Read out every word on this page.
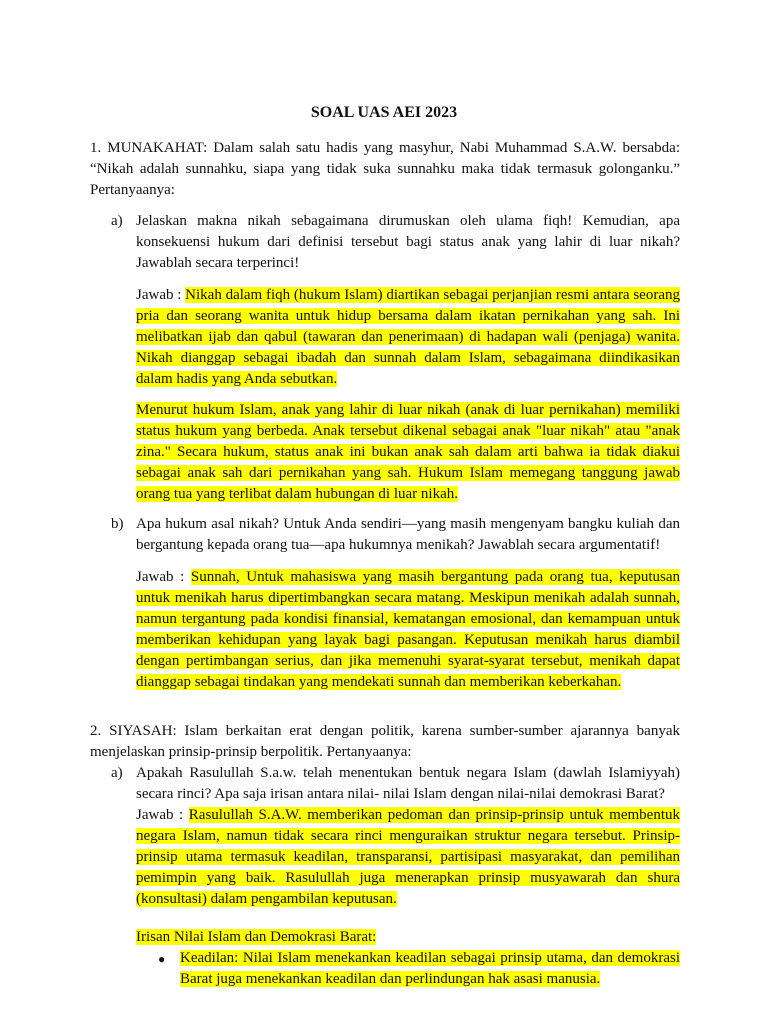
SOAL UAS AEI 2023
1. MUNAKAHAT: Dalam salah satu hadis yang masyhur, Nabi Muhammad S.A.W. bersabda: “Nikah adalah sunnahku, siapa yang tidak suka sunnahku maka tidak termasuk golonganku.” Pertanyaanya:
a) Jelaskan makna nikah sebagaimana dirumuskan oleh ulama fiqh! Kemudian, apa konsekuensi hukum dari definisi tersebut bagi status anak yang lahir di luar nikah? Jawablah secara terperinci!
Jawab : Nikah dalam fiqh (hukum Islam) diartikan sebagai perjanjian resmi antara seorang pria dan seorang wanita untuk hidup bersama dalam ikatan pernikahan yang sah. Ini melibatkan ijab dan qabul (tawaran dan penerimaan) di hadapan wali (penjaga) wanita. Nikah dianggap sebagai ibadah dan sunnah dalam Islam, sebagaimana diindikasikan dalam hadis yang Anda sebutkan.
Menurut hukum Islam, anak yang lahir di luar nikah (anak di luar pernikahan) memiliki status hukum yang berbeda. Anak tersebut dikenal sebagai anak "luar nikah" atau "anak zina." Secara hukum, status anak ini bukan anak sah dalam arti bahwa ia tidak diakui sebagai anak sah dari pernikahan yang sah. Hukum Islam memegang tanggung jawab orang tua yang terlibat dalam hubungan di luar nikah.
b) Apa hukum asal nikah? Untuk Anda sendiri—yang masih mengenyam bangku kuliah dan bergantung kepada orang tua—apa hukumnya menikah? Jawablah secara argumentatif!
Jawab : Sunnah, Untuk mahasiswa yang masih bergantung pada orang tua, keputusan untuk menikah harus dipertimbangkan secara matang. Meskipun menikah adalah sunnah, namun tergantung pada kondisi finansial, kematangan emosional, dan kemampuan untuk memberikan kehidupan yang layak bagi pasangan. Keputusan menikah harus diambil dengan pertimbangan serius, dan jika memenuhi syarat-syarat tersebut, menikah dapat dianggap sebagai tindakan yang mendekati sunnah dan memberikan keberkahan.
2. SIYASAH: Islam berkaitan erat dengan politik, karena sumber-sumber ajarannya banyak menjelaskan prinsip-prinsip berpolitik. Pertanyaanya:
a) Apakah Rasulullah S.a.w. telah menentukan bentuk negara Islam (dawlah Islamiyyah) secara rinci? Apa saja irisan antara nilai- nilai Islam dengan nilai-nilai demokrasi Barat?
Jawab : Rasulullah S.A.W. memberikan pedoman dan prinsip-prinsip untuk membentuk negara Islam, namun tidak secara rinci menguraikan struktur negara tersebut. Prinsip-prinsip utama termasuk keadilan, transparansi, partisipasi masyarakat, dan pemilihan pemimpin yang baik. Rasulullah juga menerapkan prinsip musyawarah dan shura (konsultasi) dalam pengambilan keputusan.
Irisan Nilai Islam dan Demokrasi Barat:
● Keadilan: Nilai Islam menekankan keadilan sebagai prinsip utama, dan demokrasi Barat juga menekankan keadilan dan perlindungan hak asasi manusia.
